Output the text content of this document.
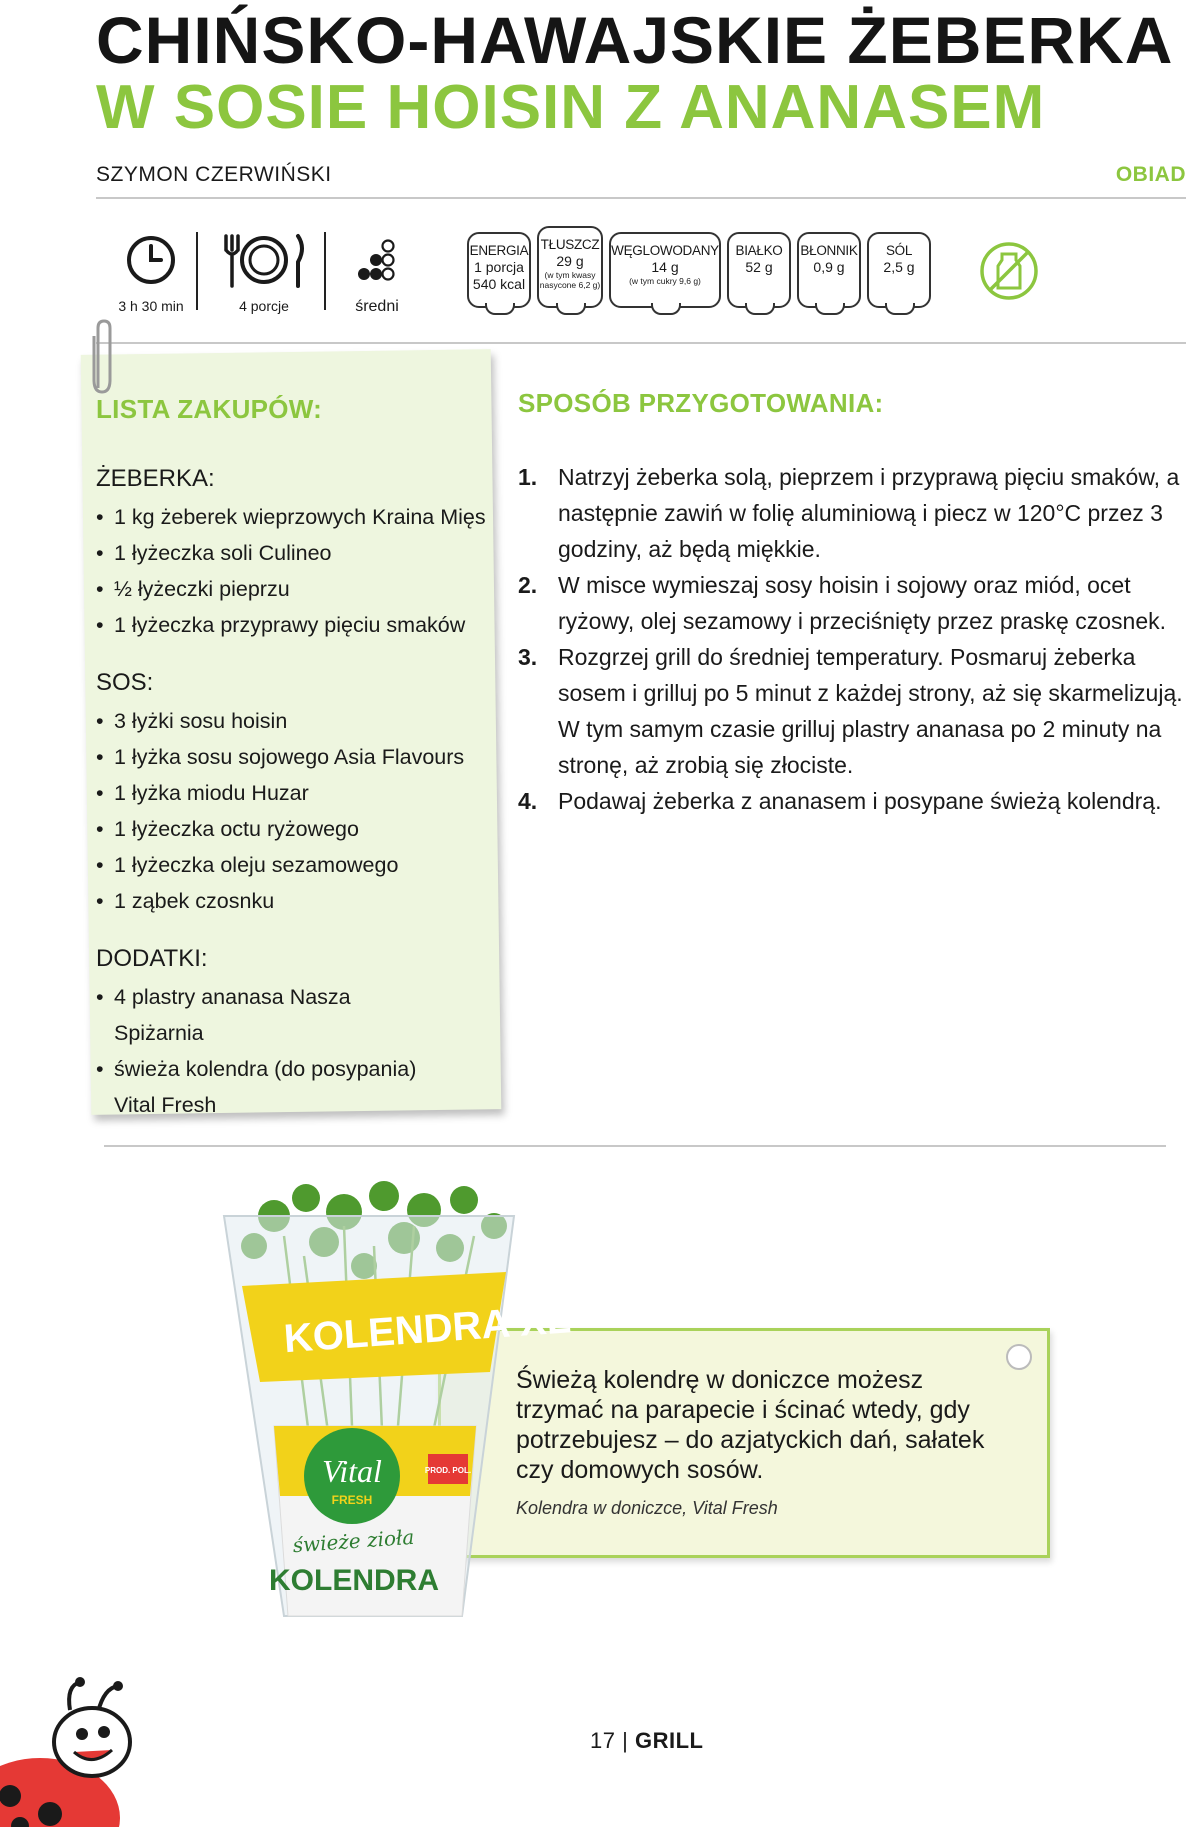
CHIŃSKO-HAWAJSKIE ŻEBERKA
W SOSIE HOISIN Z ANANASEM
SZYMON CZERWIŃSKI	OBIAD
3 h 30 min	4 porcje	średni
ENERGIA
1 porcja
540 kcal
TŁUSZCZ
29 g
(w tym kwasy nasycone 6,2 g)
WĘGLOWODANY
14 g
(w tym cukry 9,6 g)
BIAŁKO
52 g
BŁONNIK
0,9 g
SÓL
2,5 g
LISTA ZAKUPÓW:
ŻEBERKA:
• 1 kg żeberek wieprzowych Kraina Mięs
• 1 łyżeczka soli Culineo
• ½ łyżeczki pieprzu
• 1 łyżeczka przyprawy pięciu smaków
SOS:
• 3 łyżki sosu hoisin
• 1 łyżka sosu sojowego Asia Flavours
• 1 łyżka miodu Huzar
• 1 łyżeczka octu ryżowego
• 1 łyżeczka oleju sezamowego
• 1 ząbek czosnku
DODATKI:
• 4 plastry ananasa Nasza Spiżarnia
• świeża kolendra (do posypania) Vital Fresh
SPOSÓB PRZYGOTOWANIA:
1. Natrzyj żeberka solą, pieprzem i przyprawą pięciu smaków, a następnie zawiń w folię aluminiową i piecz w 120°C przez 3 godziny, aż będą miękkie.
2. W misce wymieszaj sosy hoisin i sojowy oraz miód, ocet ryżowy, olej sezamowy i przeciśnięty przez praskę czosnek.
3. Rozgrzej grill do średniej temperatury. Posmaruj żeberka sosem i grilluj po 5 minut z każdej strony, aż się skarmelizują. W tym samym czasie grilluj plastry ananasa po 2 minuty na stronę, aż zrobią się złociste.
4. Podawaj żeberka z ananasem i posypane świeżą kolendrą.
Świeżą kolendrę w doniczce możesz trzymać na parapecie i ścinać wtedy, gdy potrzebujesz – do azjatyckich dań, sałatek czy domowych sosów.
Kolendra w doniczce, Vital Fresh
KOLENDRA XL
Vital
FRESH
PROD. POL.
świeże zioła
KOLENDRA
17 | GRILL
